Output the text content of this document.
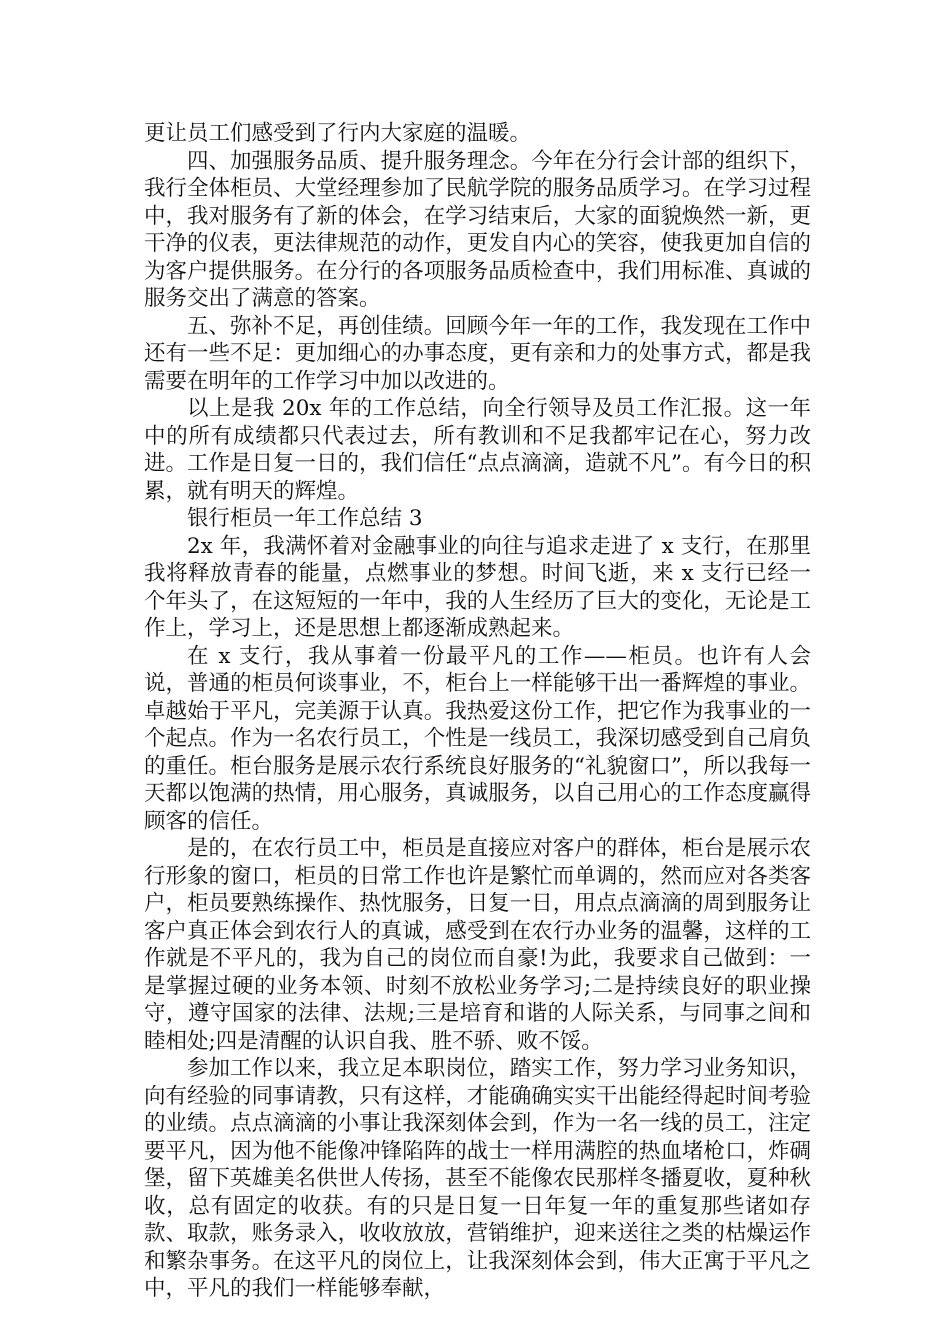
更让员工们感受到了行内大家庭的温暖。

四、加强服务品质、提升服务理念。今年在分行会计部的组织下，我行全体柜员、大堂经理参加了民航学院的服务品质学习。在学习过程中，我对服务有了新的体会，在学习结束后，大家的面貌焕然一新，更干净的仪表，更法律规范的动作，更发自内心的笑容，使我更加自信的为客户提供服务。在分行的各项服务品质检查中，我们用标准、真诚的服务交出了满意的答案。

五、弥补不足，再创佳绩。回顾今年一年的工作，我发现在工作中还有一些不足：更加细心的办事态度，更有亲和力的处事方式，都是我需要在明年的工作学习中加以改进的。

以上是我 20x 年的工作总结，向全行领导及员工作汇报。这一年中的所有成绩都只代表过去，所有教训和不足我都牢记在心，努力改进。工作是日复一日的，我们信任“点点滴滴，造就不凡”。有今日的积累，就有明天的辉煌。

银行柜员一年工作总结 3

2x 年，我满怀着对金融事业的向往与追求走进了 x 支行，在那里我将释放青春的能量，点燃事业的梦想。时间飞逝，来 x 支行已经一个年头了，在这短短的一年中，我的人生经历了巨大的变化，无论是工作上，学习上，还是思想上都逐渐成熟起来。

在 x 支行，我从事着一份最平凡的工作——柜员。也许有人会说，普通的柜员何谈事业，不，柜台上一样能够干出一番辉煌的事业。卓越始于平凡，完美源于认真。我热爱这份工作，把它作为我事业的一个起点。作为一名农行员工，个性是一线员工，我深切感受到自己肩负的重任。柜台服务是展示农行系统良好服务的“礼貌窗口”，所以我每一天都以饱满的热情，用心服务，真诚服务，以自己用心的工作态度赢得顾客的信任。

是的，在农行员工中，柜员是直接应对客户的群体，柜台是展示农行形象的窗口，柜员的日常工作也许是繁忙而单调的，然而应对各类客户，柜员要熟练操作、热忱服务，日复一日，用点点滴滴的周到服务让客户真正体会到农行人的真诚，感受到在农行办业务的温馨，这样的工作就是不平凡的，我为自己的岗位而自豪!为此，我要求自己做到：一是掌握过硬的业务本领、时刻不放松业务学习;二是持续良好的职业操守，遵守国家的法律、法规;三是培育和谐的人际关系，与同事之间和睦相处;四是清醒的认识自我、胜不骄、败不馁。

参加工作以来，我立足本职岗位，踏实工作，努力学习业务知识，向有经验的同事请教，只有这样，才能确确实实干出能经得起时间考验的业绩。点点滴滴的小事让我深刻体会到，作为一名一线的员工，注定要平凡，因为他不能像冲锋陷阵的战士一样用满腔的热血堵枪口，炸碉堡，留下英雄美名供世人传扬，甚至不能像农民那样冬播夏收，夏种秋收，总有固定的收获。有的只是日复一日年复一年的重复那些诸如存款、取款，账务录入，收收放放，营销维护，迎来送往之类的枯燥运作和繁杂事务。在这平凡的岗位上，让我深刻体会到，伟大正寓于平凡之中，平凡的我们一样能够奉献，
